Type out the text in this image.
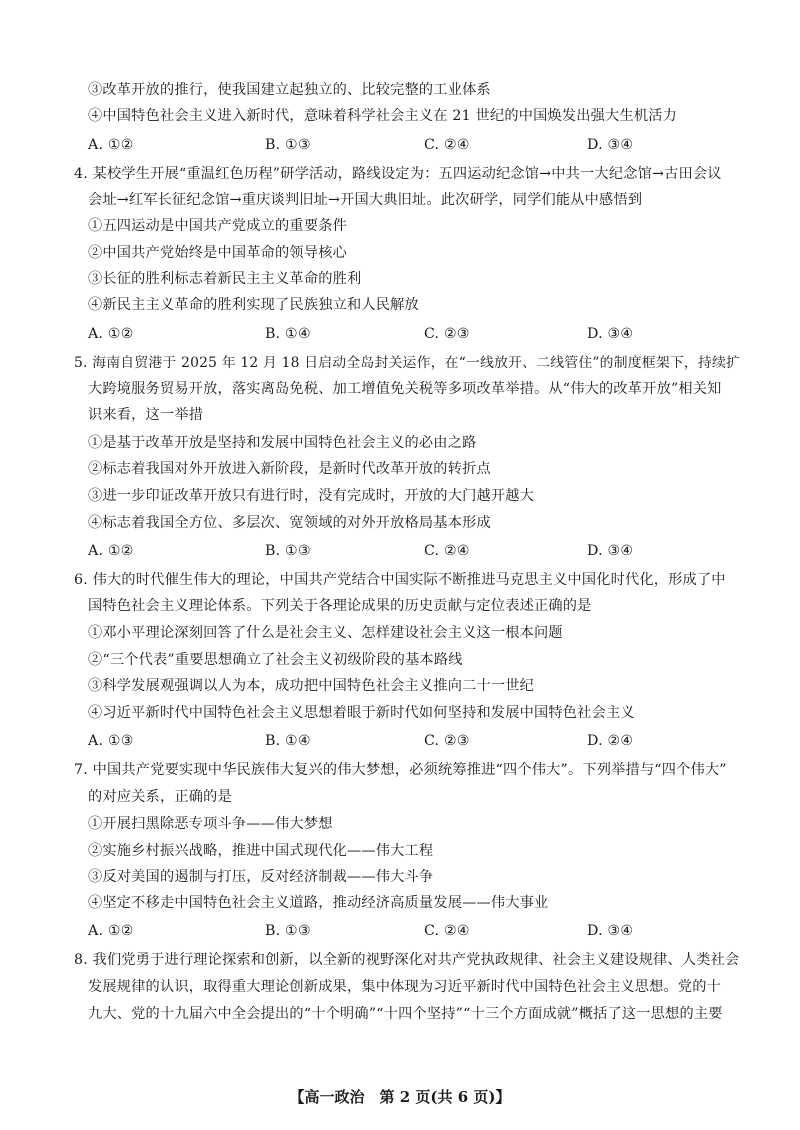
③改革开放的推行，使我国建立起独立的、比较完整的工业体系
④中国特色社会主义进入新时代，意味着科学社会主义在 21 世纪的中国焕发出强大生机活力
A. ①②	B. ①③	C. ②④	D. ③④
4. 某校学生开展“重温红色历程”研学活动，路线设定为：五四运动纪念馆→中共一大纪念馆→古田会议
会址→红军长征纪念馆→重庆谈判旧址→开国大典旧址。此次研学，同学们能从中感悟到
①五四运动是中国共产党成立的重要条件
②中国共产党始终是中国革命的领导核心
③长征的胜利标志着新民主主义革命的胜利
④新民主主义革命的胜利实现了民族独立和人民解放
A. ①②	B. ①④	C. ②③	D. ③④
5. 海南自贸港于 2025 年 12 月 18 日启动全岛封关运作，在“一线放开、二线管住”的制度框架下，持续扩
大跨境服务贸易开放，落实离岛免税、加工增值免关税等多项改革举措。从“伟大的改革开放”相关知
识来看，这一举措
①是基于改革开放是坚持和发展中国特色社会主义的必由之路
②标志着我国对外开放进入新阶段，是新时代改革开放的转折点
③进一步印证改革开放只有进行时，没有完成时，开放的大门越开越大
④标志着我国全方位、多层次、宽领域的对外开放格局基本形成
A. ①②	B. ①③	C. ②④	D. ③④
6. 伟大的时代催生伟大的理论，中国共产党结合中国实际不断推进马克思主义中国化时代化，形成了中
国特色社会主义理论体系。下列关于各理论成果的历史贡献与定位表述正确的是
①邓小平理论深刻回答了什么是社会主义、怎样建设社会主义这一根本问题
②“三个代表”重要思想确立了社会主义初级阶段的基本路线
③科学发展观强调以人为本，成功把中国特色社会主义推向二十一世纪
④习近平新时代中国特色社会主义思想着眼于新时代如何坚持和发展中国特色社会主义
A. ①③	B. ①④	C. ②③	D. ②④
7. 中国共产党要实现中华民族伟大复兴的伟大梦想，必须统筹推进“四个伟大”。下列举措与“四个伟大”
的对应关系，正确的是
①开展扫黑除恶专项斗争——伟大梦想
②实施乡村振兴战略，推进中国式现代化——伟大工程
③反对美国的遏制与打压，反对经济制裁——伟大斗争
④坚定不移走中国特色社会主义道路，推动经济高质量发展——伟大事业
A. ①②	B. ①③	C. ②④	D. ③④
8. 我们党勇于进行理论探索和创新，以全新的视野深化对共产党执政规律、社会主义建设规律、人类社会
发展规律的认识，取得重大理论创新成果，集中体现为习近平新时代中国特色社会主义思想。党的十
九大、党的十九届六中全会提出的“十个明确”“十四个坚持”“十三个方面成就”概括了这一思想的主要
【高一政治　第 2 页(共 6 页)】
